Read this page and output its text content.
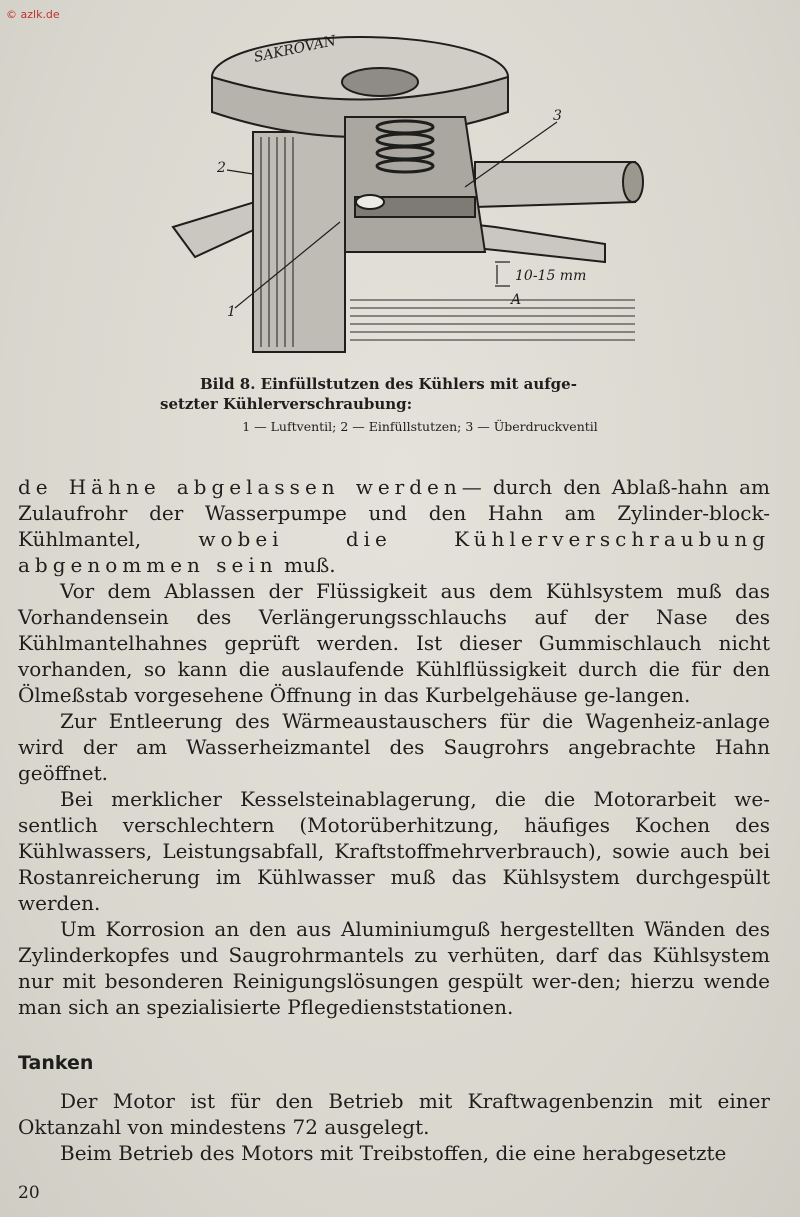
© azlk.de
SAKROVAN
2
3
1
10-15 mm
A
Bild 8. Einfüllstutzen des Kühlers mit aufge-
setzter Kühlerverschraubung:
1 — Luftventil; 2 — Einfüllstutzen; 3 — Überdruckventil

de Hähne abgelassen werden— durch den Ablaß-hahn am Zulaufrohr der Wasserpumpe und den Hahn am Zylinder-block-Kühlmantel, wobei die Kühlerverschraubung abgenommen sein muß.

Vor dem Ablassen der Flüssigkeit aus dem Kühlsystem muß das Vorhandensein des Verlängerungsschlauchs auf der Nase des Kühlmantelhahnes geprüft werden. Ist dieser Gummischlauch nicht vorhanden, so kann die auslaufende Kühlflüssigkeit durch die für den Ölmeßstab vorgesehene Öffnung in das Kurbelgehäuse ge-langen.

Zur Entleerung des Wärmeaustauschers für die Wagenheiz-anlage wird der am Wasserheizmantel des Saugrohrs angebrachte Hahn geöffnet.

Bei merklicher Kesselsteinablagerung, die die Motorarbeit we-sentlich verschlechtern (Motorüberhitzung, häufiges Kochen des Kühlwassers, Leistungsabfall, Kraftstoffmehrverbrauch), sowie auch bei Rostanreicherung im Kühlwasser muß das Kühlsystem durchgespült werden.

Um Korrosion an den aus Aluminiumguß hergestellten Wänden des Zylinderkopfes und Saugrohrmantels zu verhüten, darf das Kühlsystem nur mit besonderen Reinigungslösungen gespült wer-den; hierzu wende man sich an spezialisierte Pflegedienststationen.

Tanken

Der Motor ist für den Betrieb mit Kraftwagenbenzin mit einer Oktanzahl von mindestens 72 ausgelegt.

Beim Betrieb des Motors mit Treibstoffen, die eine herabgesetzte

20
